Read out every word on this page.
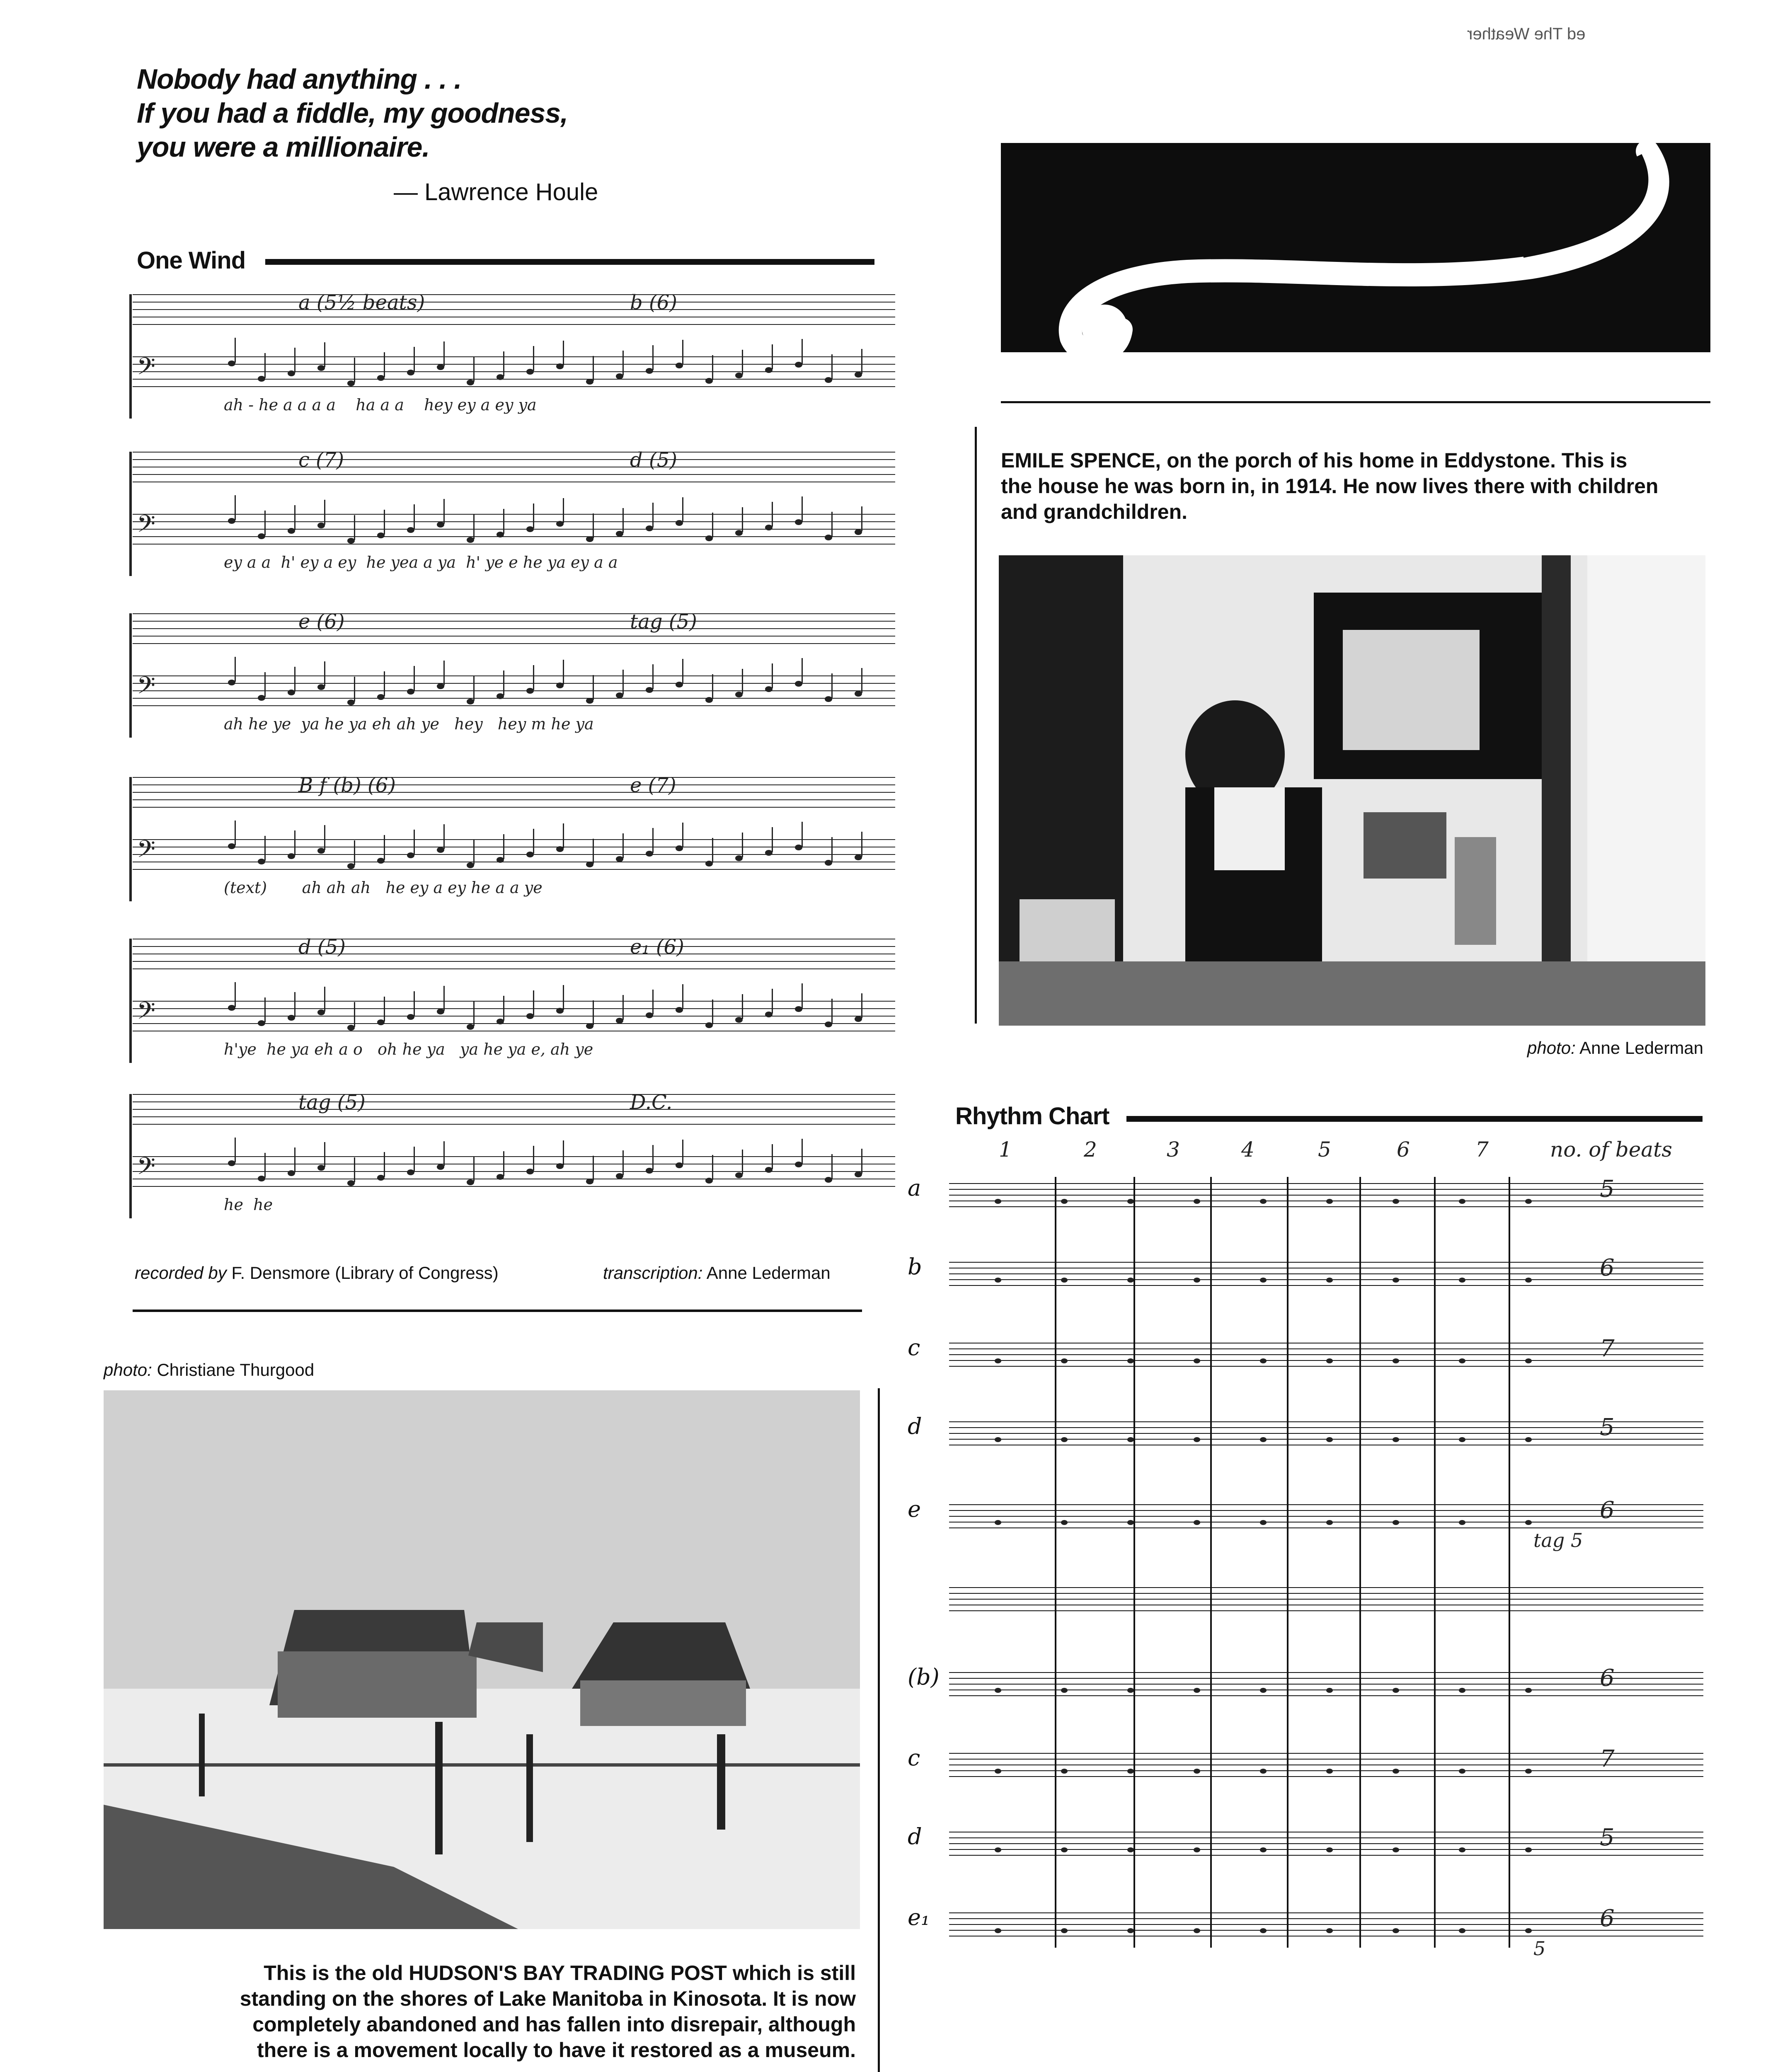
ed The Weather
Nobody had anything . . .
If you had a fiddle, my goodness,
you were a millionaire.
— Lawrence Houle
One Wind
a (5½ beats)	b (6)
𝄢
ah - he a a a a    ha a a    hey ey a ey ya
c (7)	d (5)
𝄢
ey a a  h' ey a ey  he yea a ya  h' ye e he ya ey a a
e (6)	tag (5)
𝄢
ah he ye  ya he ya eh ah ye   hey   hey m he ya
B f (b) (6)	e (7)
𝄢
(text)       ah ah ah   he ey a ey he a a ye
d (5)	e₁ (6)
𝄢
h'ye  he ya eh a o   oh he ya   ya he ya e, ah ye
tag (5)	D.C.
𝄢
he  he
recorded by F. Densmore (Library of Congress)	transcription: Anne Lederman
EMILE SPENCE, on the porch of his home in Eddystone. This is the house he was born in, in 1914. He now lives there with children and grandchildren.
photo: Anne Lederman
Rhythm Chart
1	2	3	4	5	6	7	no. of beats
a	5
b	6
c	7
d	5
e	6
tag 5
(b)	6
c	7
d	5
e₁	6
5
photo: Christiane Thurgood
This is the old HUDSON'S BAY TRADING POST which is still standing on the shores of Lake Manitoba in Kinosota. It is now completely abandoned and has fallen into disrepair, although there is a movement locally to have it restored as a museum.
